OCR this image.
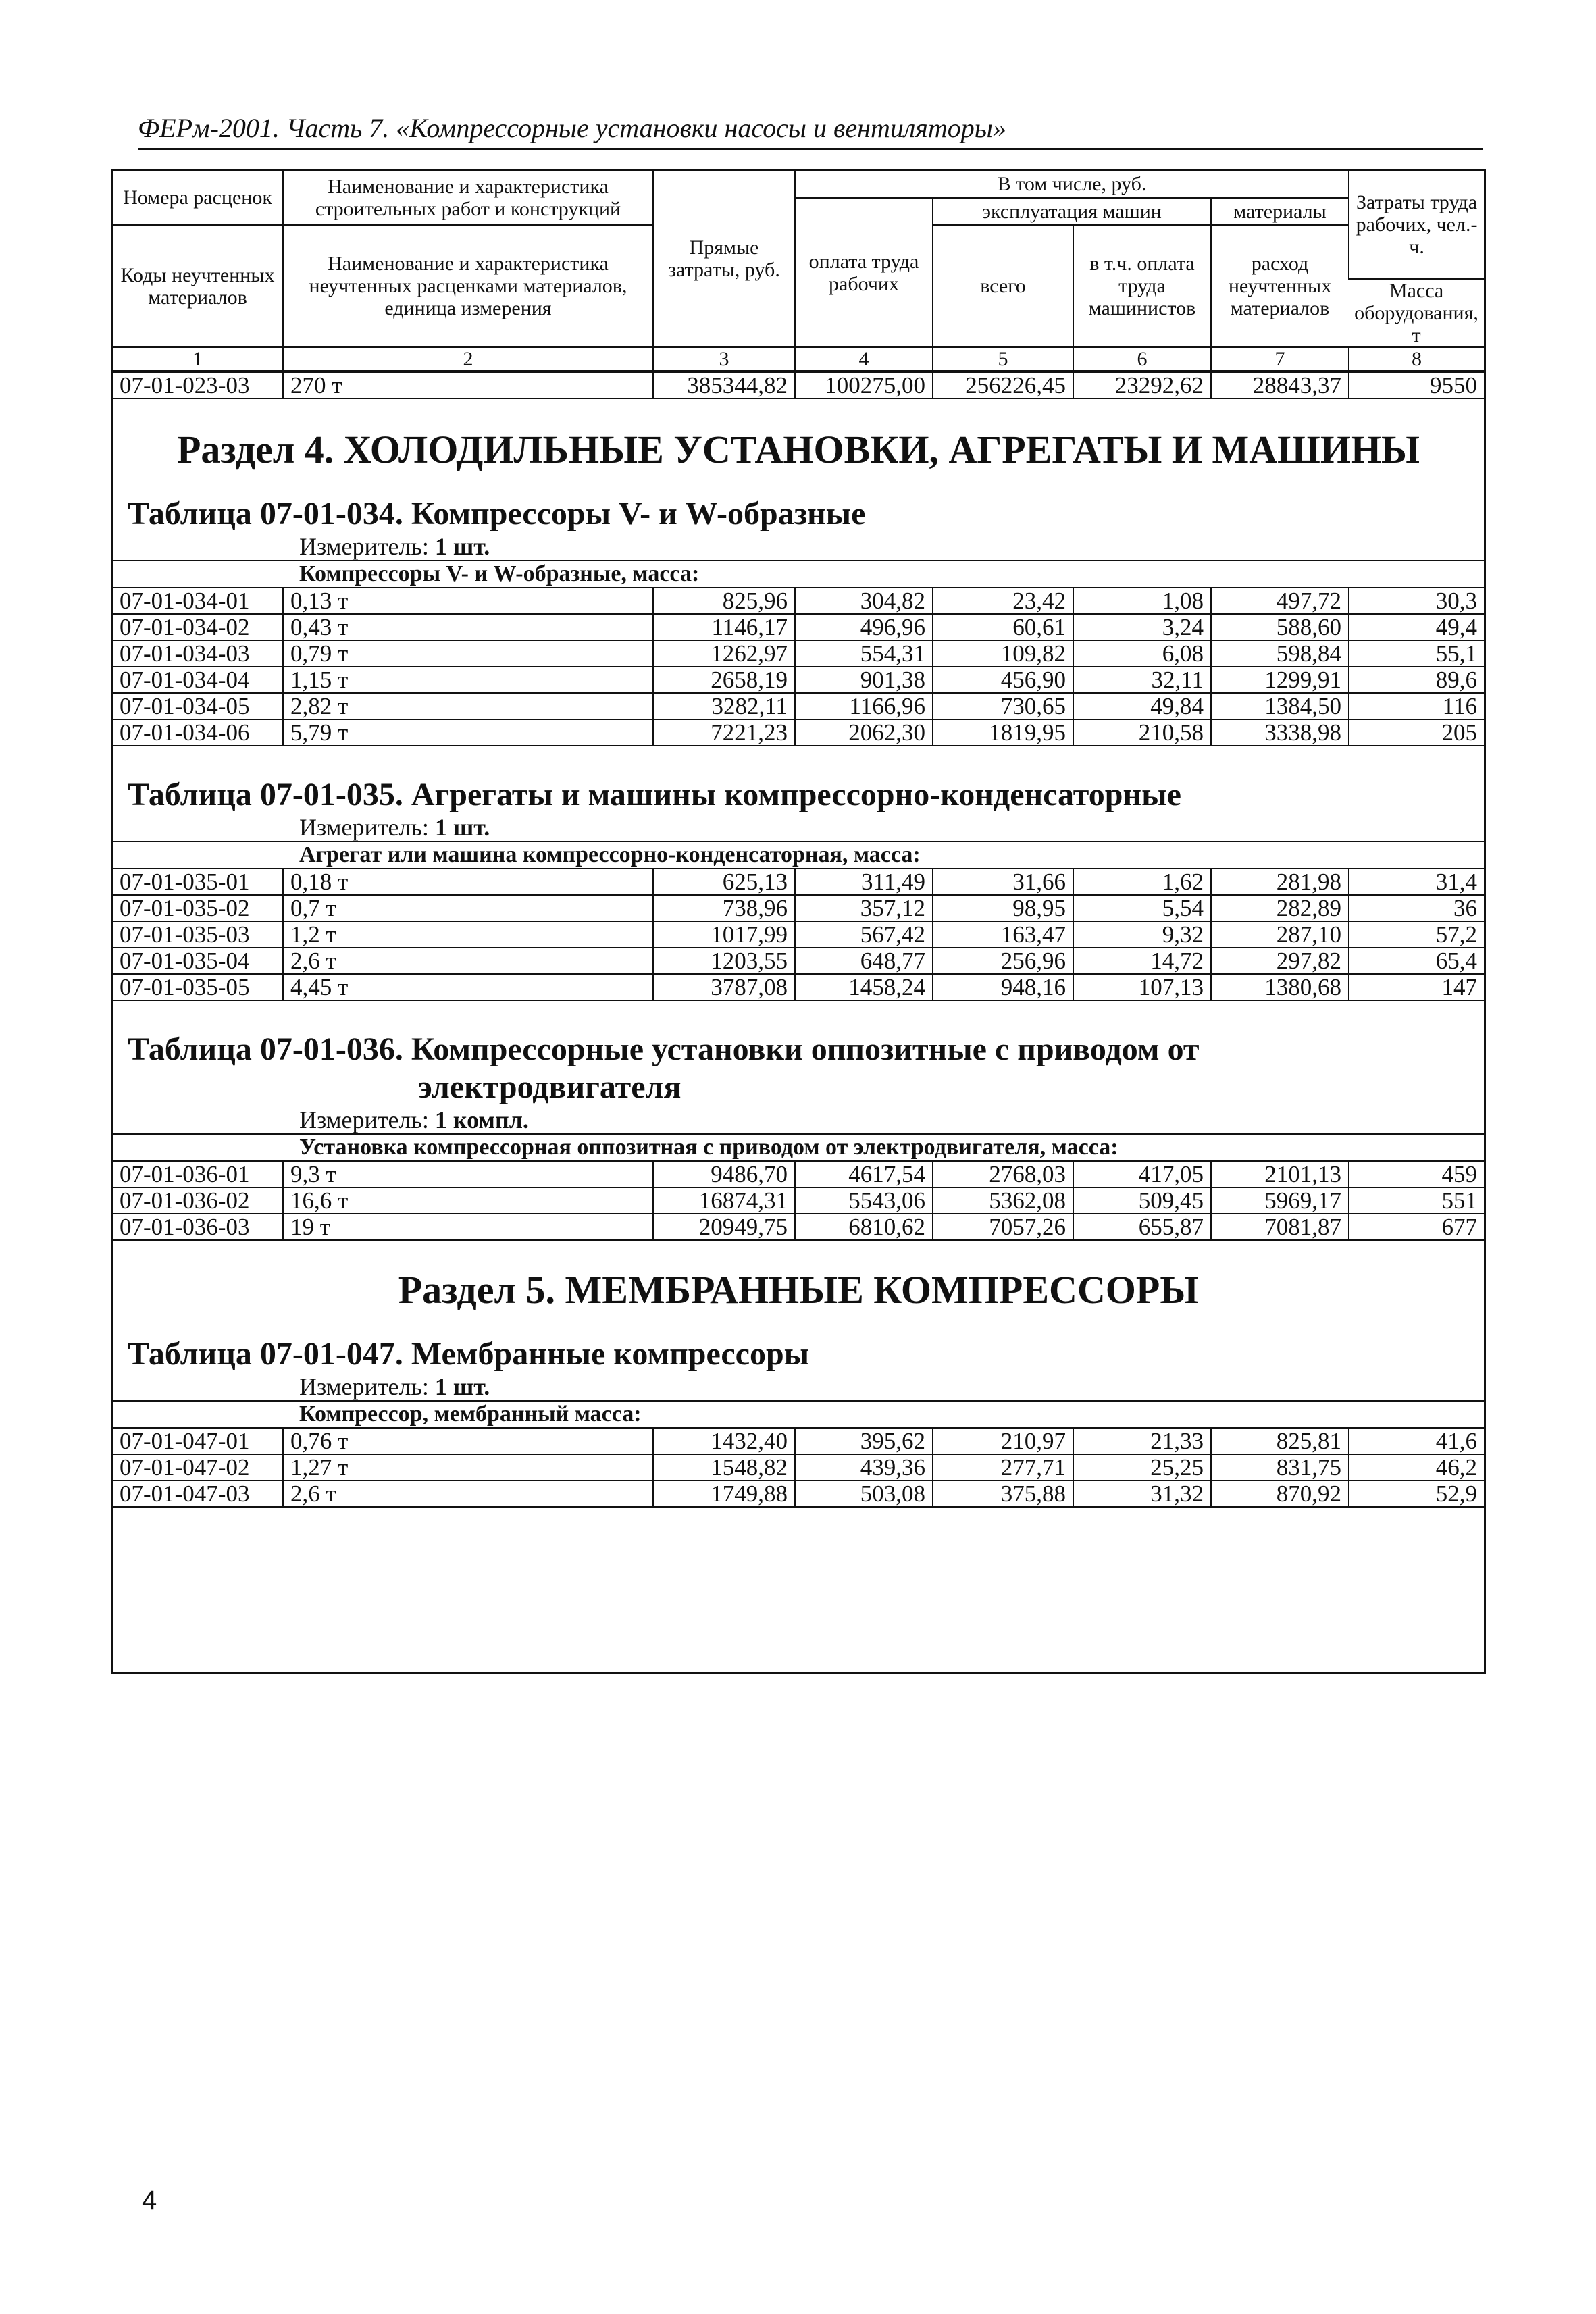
ФЕРм-2001. Часть 7. «Компрессорные установки насосы и вентиляторы»
Номера расценок	Наименование и характеристика строительных работ и конструкций	Прямые затраты, руб.	В том числе, руб.				Затраты труда рабочих, чел.-ч.
			оплата труда рабочих	эксплуатация машин		материалы	
Коды неучтенных материалов	Наименование и характеристика неучтенных расценками материалов, единица измерения			всего	в т.ч. оплата труда машинистов	расход неучтенных материалов	
							Масса оборудования, т
1	2	3	4	5	6	7	8
07-01-023-03	270 т	385344,82	100275,00	256226,45	23292,62	28843,37	9550
Раздел 4. ХОЛОДИЛЬНЫЕ УСТАНОВКИ, АГРЕГАТЫ И МАШИНЫ
Таблица 07-01-034. Компрессоры V- и W-образные

Измеритель: 1 шт.

Компрессоры V- и W-образные, масса:
07-01-034-01	0,13 т	825,96	304,82	23,42	1,08	497,72	30,3
07-01-034-02	0,43 т	1146,17	496,96	60,61	3,24	588,60	49,4
07-01-034-03	0,79 т	1262,97	554,31	109,82	6,08	598,84	55,1
07-01-034-04	1,15 т	2658,19	901,38	456,90	32,11	1299,91	89,6
07-01-034-05	2,82 т	3282,11	1166,96	730,65	49,84	1384,50	116
07-01-034-06	5,79 т	7221,23	2062,30	1819,95	210,58	3338,98	205
Таблица 07-01-035. Агрегаты и машины компрессорно-конденсаторные

Измеритель: 1 шт.

Агрегат или машина компрессорно-конденсаторная, масса:
07-01-035-01	0,18 т	625,13	311,49	31,66	1,62	281,98	31,4
07-01-035-02	0,7 т	738,96	357,12	98,95	5,54	282,89	36
07-01-035-03	1,2 т	1017,99	567,42	163,47	9,32	287,10	57,2
07-01-035-04	2,6 т	1203,55	648,77	256,96	14,72	297,82	65,4
07-01-035-05	4,45 т	3787,08	1458,24	948,16	107,13	1380,68	147
Таблица 07-01-036. Компрессорные установки оппозитные с приводом от
электродвигателя

Измеритель: 1 компл.

Установка компрессорная оппозитная с приводом от электродвигателя, масса:
07-01-036-01	9,3 т	9486,70	4617,54	2768,03	417,05	2101,13	459
07-01-036-02	16,6 т	16874,31	5543,06	5362,08	509,45	5969,17	551
07-01-036-03	19 т	20949,75	6810,62	7057,26	655,87	7081,87	677
Раздел 5. МЕМБРАННЫЕ КОМПРЕССОРЫ
Таблица 07-01-047. Мембранные компрессоры

Измеритель: 1 шт.

Компрессор, мембранный масса:
07-01-047-01	0,76 т	1432,40	395,62	210,97	21,33	825,81	41,6
07-01-047-02	1,27 т	1548,82	439,36	277,71	25,25	831,75	46,2
07-01-047-03	2,6 т	1749,88	503,08	375,88	31,32	870,92	52,9
4
